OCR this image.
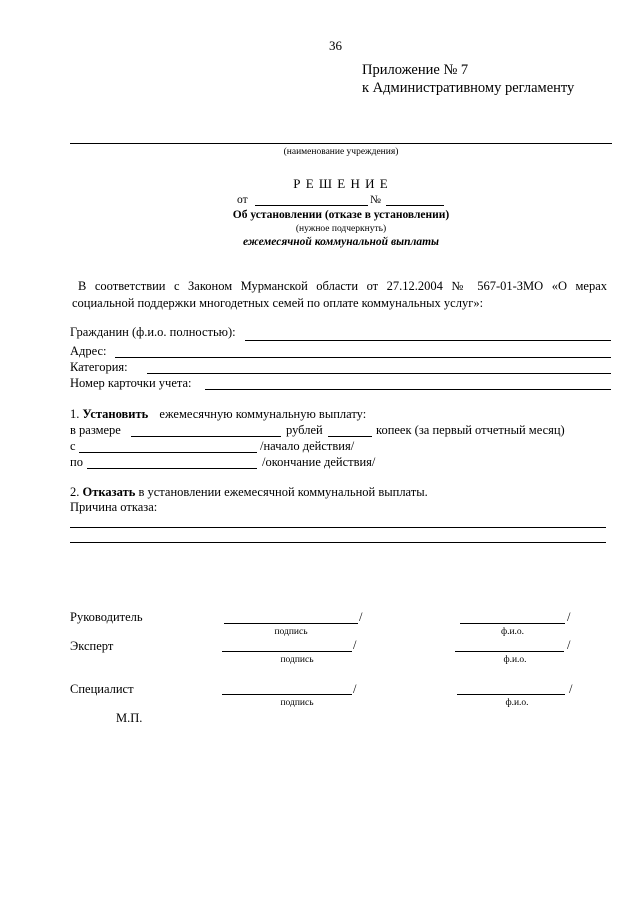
36
Приложение № 7
к Административному регламенту
(наименование учреждения)
Р Е Ш Е Н И Е
от	№
Об установлении (отказе в установлении)
(нужное подчеркнуть)
ежемесячной коммунальной выплаты
В соответствии с Законом Мурманской области от 27.12.2004 № 567-01-ЗМО «О мерах
социальной поддержки многодетных семей по оплате коммунальных услуг»:
Гражданин (ф.и.о. полностью):
Адрес:
Категория:
Номер карточки учета:
1. Установить ежемесячную коммунальную выплату:
в размере	рублей	копеек (за первый отчетный месяц)
с	/начало действия/
по	/окончание действия/
2. Отказать в установлении ежемесячной коммунальной выплаты.
Причина отказа:
Руководитель	/	/
подпись	ф.и.о.
Эксперт	/	/
подпись	ф.и.о.
Специалист	/	/
подпись	ф.и.о.
М.П.
